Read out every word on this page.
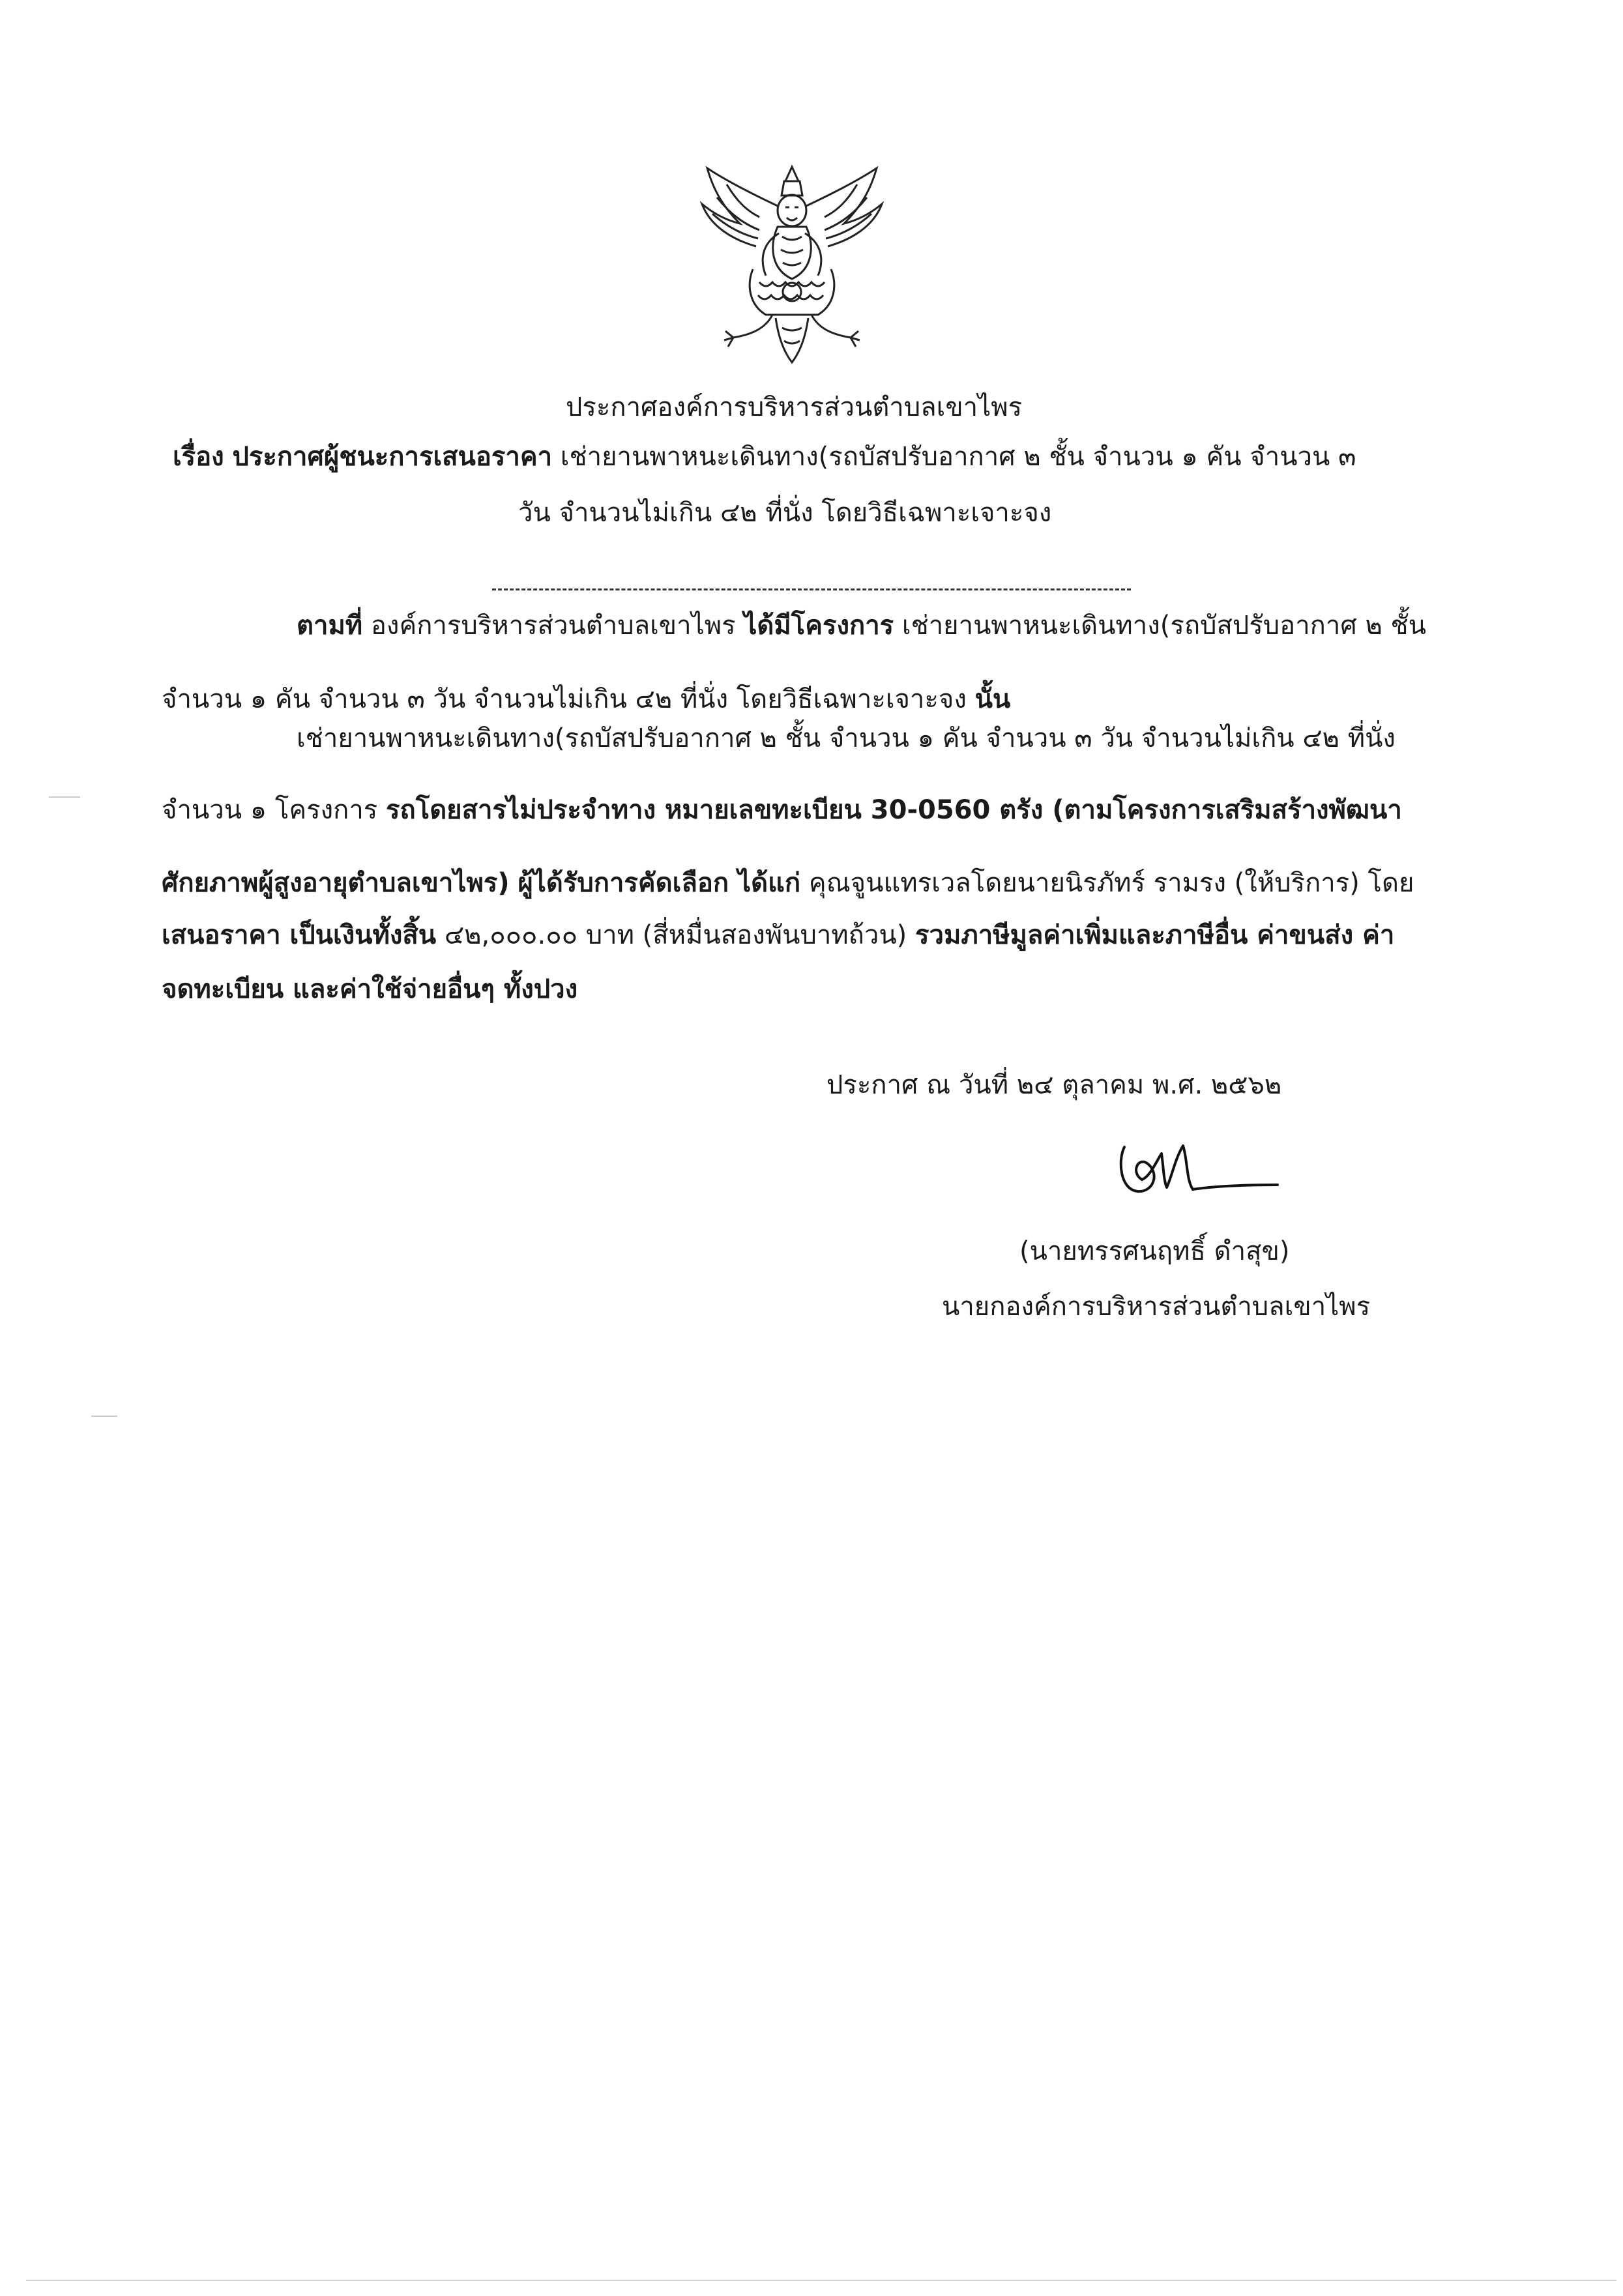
ประกาศองค์การบริหารส่วนตำบลเขาไพร
เรื่อง ประกาศผู้ชนะการเสนอราคา เช่ายานพาหนะเดินทาง(รถบัสปรับอากาศ ๒ ชั้น จำนวน ๑ คัน จำนวน ๓
วัน จำนวนไม่เกิน ๔๒ ที่นั่ง โดยวิธีเฉพาะเจาะจง
ตามที่ องค์การบริหารส่วนตำบลเขาไพร ได้มีโครงการ เช่ายานพาหนะเดินทาง(รถบัสปรับอากาศ ๒ ชั้น
จำนวน ๑ คัน จำนวน ๓ วัน จำนวนไม่เกิน ๔๒ ที่นั่ง โดยวิธีเฉพาะเจาะจง นั้น
เช่ายานพาหนะเดินทาง(รถบัสปรับอากาศ ๒ ชั้น จำนวน ๑ คัน จำนวน ๓ วัน จำนวนไม่เกิน ๔๒ ที่นั่ง
จำนวน ๑ โครงการ รถโดยสารไม่ประจำทาง หมายเลขทะเบียน 30-0560 ตรัง (ตามโครงการเสริมสร้างพัฒนา
ศักยภาพผู้สูงอายุตำบลเขาไพร) ผู้ได้รับการคัดเลือก ได้แก่ คุณจูนแทรเวลโดยนายนิรภัทร์ รามรง (ให้บริการ) โดย
เสนอราคา เป็นเงินทั้งสิ้น ๔๒,๐๐๐.๐๐ บาท (สี่หมื่นสองพันบาทถ้วน) รวมภาษีมูลค่าเพิ่มและภาษีอื่น ค่าขนส่ง ค่า
จดทะเบียน และค่าใช้จ่ายอื่นๆ ทั้งปวง
ประกาศ ณ วันที่ ๒๔ ตุลาคม พ.ศ. ๒๕๖๒
(นายทรรศนฤทธิ์ ดำสุข)
นายกองค์การบริหารส่วนตำบลเขาไพร
